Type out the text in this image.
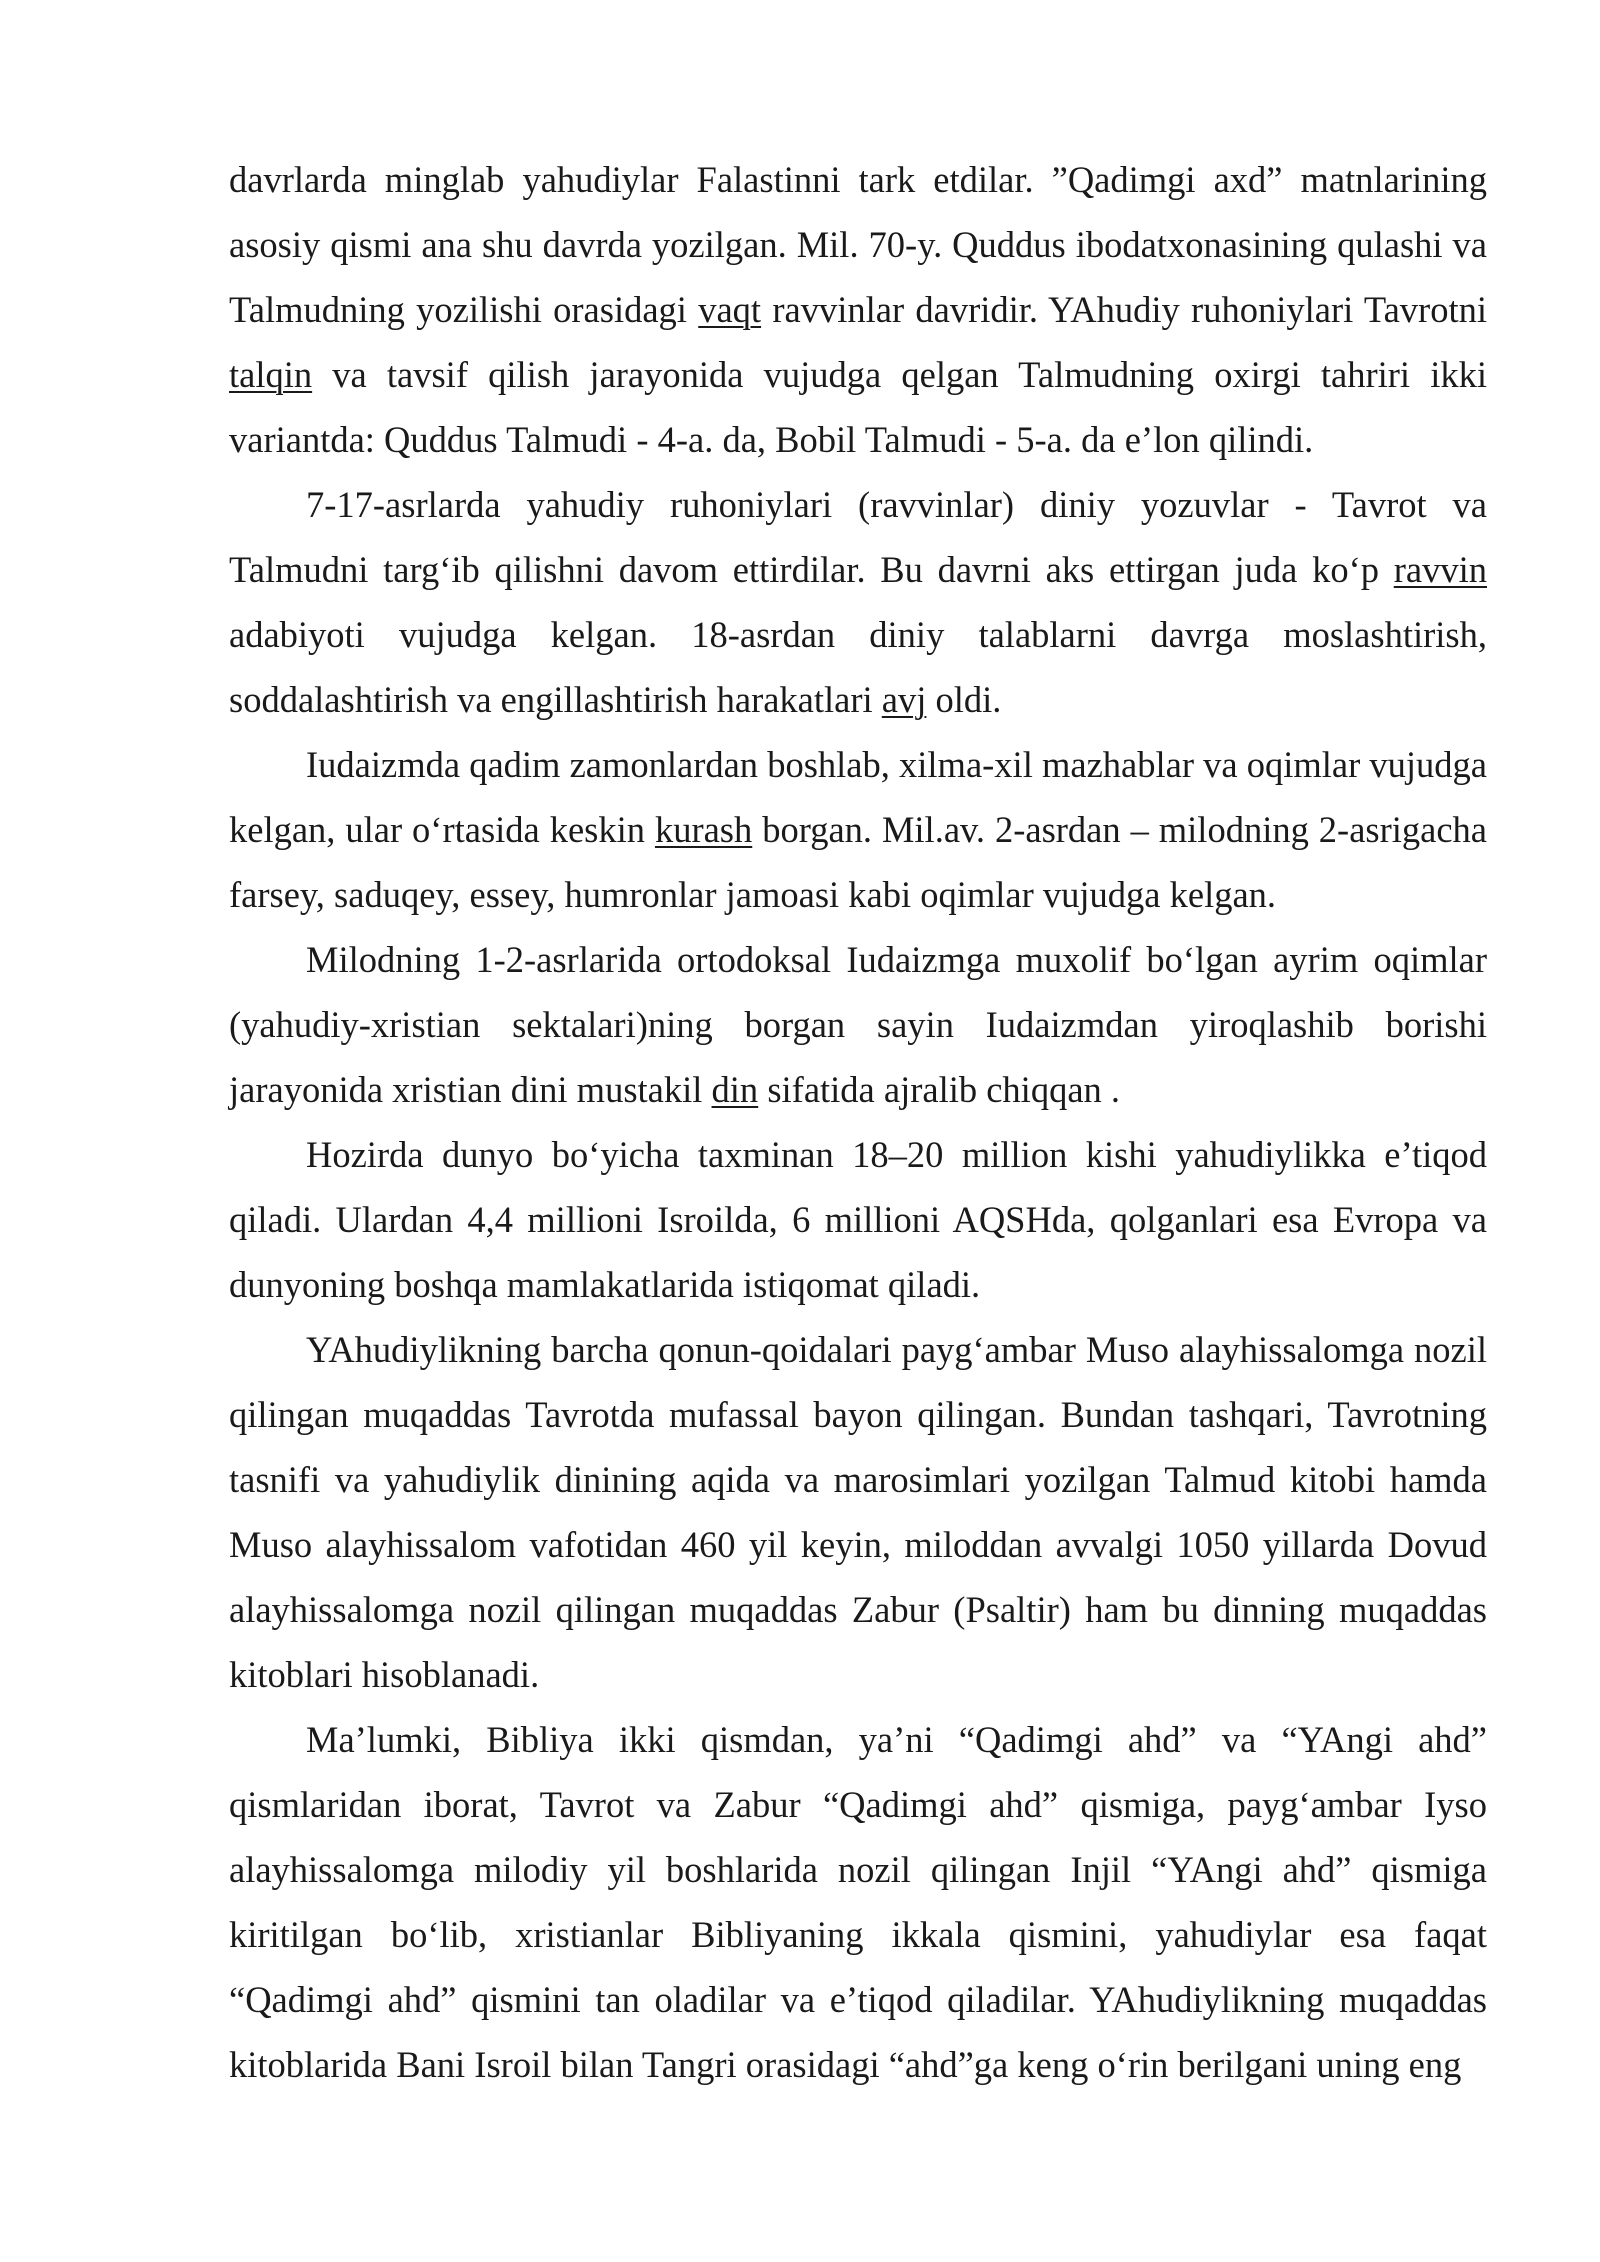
davrlarda minglab yahudiylar Falastinni tark etdilar. ”Qadimgi axd” matnlarining asosiy qismi ana shu davrda yozilgan. Mil. 70-y. Quddus ibodatxonasining qulashi va Talmudning yozilishi orasidagi vaqt ravvinlar davridir. YAhudiy ruhoniylari Tavrotni talqin va tavsif qilish jarayonida vujudga qelgan Talmudning oxirgi tahriri ikki variantda: Quddus Talmudi - 4-a. da, Bobil Talmudi - 5-a. da e’lon qilindi.

7-17-asrlarda yahudiy ruhoniylari (ravvinlar) diniy yozuvlar - Tavrot va Talmudni targ‘ib qilishni davom ettirdilar. Bu davrni aks ettirgan juda ko‘p ravvin adabiyoti vujudga kelgan. 18-asrdan diniy talablarni davrga moslashtirish, soddalashtirish va engillashtirish harakatlari avj oldi.

Iudaizmda qadim zamonlardan boshlab, xilma-xil mazhablar va oqimlar vujudga kelgan, ular o‘rtasida keskin kurash borgan. Mil.av. 2-asrdan – milodning 2-asrigacha farsey, saduqey, essey, humronlar jamoasi kabi oqimlar vujudga kelgan.

Milodning 1-2-asrlarida ortodoksal Iudaizmga muxolif bo‘lgan ayrim oqimlar (yahudiy-xristian sektalari)ning borgan sayin Iudaizmdan yiroqlashib borishi jarayonida xristian dini mustakil din sifatida ajralib chiqqan .

Hozirda dunyo bo‘yicha taxminan 18–20 million kishi yahudiylikka e’tiqod qiladi. Ulardan 4,4 millioni Isroilda, 6 millioni AQSHda, qolganlari esa Evropa va dunyoning boshqa mamlakatlarida istiqomat qiladi.

YAhudiylikning barcha qonun-qoidalari payg‘ambar Muso alayhissalomga nozil qilingan muqaddas Tavrotda mufassal bayon qilingan. Bundan tashqari, Tavrotning tasnifi va yahudiylik dinining aqida va marosimlari yozilgan Talmud kitobi hamda Muso alayhissalom vafotidan 460 yil keyin, miloddan avvalgi 1050 yillarda Dovud alayhissalomga nozil qilingan muqaddas Zabur (Psaltir) ham bu dinning muqaddas kitoblari hisoblanadi.

Ma’lumki, Bibliya ikki qismdan, ya’ni “Qadimgi ahd” va “YAngi ahd” qismlaridan iborat, Tavrot va Zabur “Qadimgi ahd” qismiga, payg‘ambar Iyso alayhissalomga milodiy yil boshlarida nozil qilingan Injil “YAngi ahd” qismiga kiritilgan bo‘lib, xristianlar Bibliyaning ikkala qismini, yahudiylar esa faqat “Qadimgi ahd” qismini tan oladilar va e’tiqod qiladilar. YAhudiylikning muqaddas kitoblarida Bani Isroil bilan Tangri orasidagi “ahd”ga keng o‘rin berilgani uning eng
